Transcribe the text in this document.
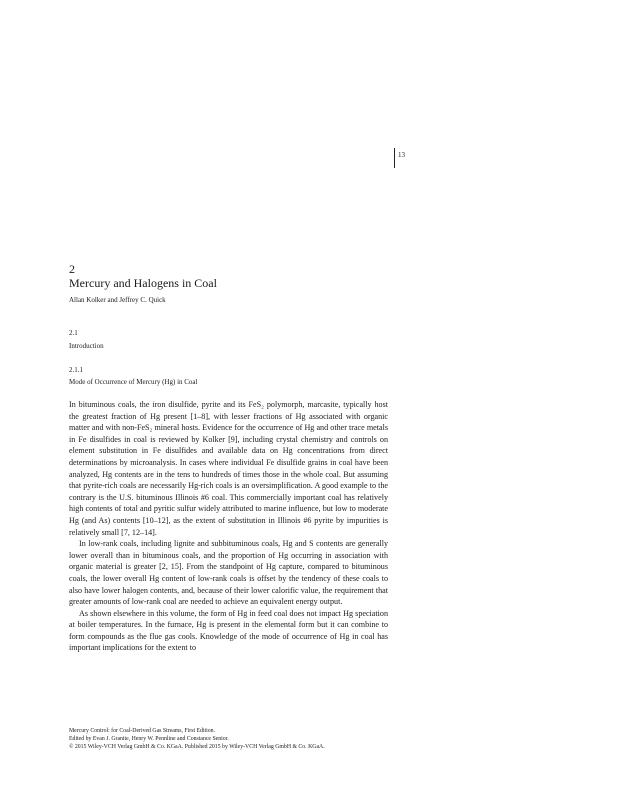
13
2
Mercury and Halogens in Coal
Allan Kolker and Jeffrey C. Quick
2.1
Introduction
2.1.1
Mode of Occurrence of Mercury (Hg) in Coal

In bituminous coals, the iron disulfide, pyrite and its FeS₂ polymorph, marcasite, typically host the greatest fraction of Hg present [1–8], with lesser fractions of Hg associated with organic matter and with non-FeS₂ mineral hosts. Evidence for the occurrence of Hg and other trace metals in Fe disulfides in coal is reviewed by Kolker [9], including crystal chemistry and controls on element substitution in Fe disulfides and available data on Hg concentrations from direct determinations by microanalysis. In cases where individual Fe disulfide grains in coal have been analyzed, Hg contents are in the tens to hundreds of times those in the whole coal. But assuming that pyrite-rich coals are necessarily Hg-rich coals is an oversimplification. A good example to the contrary is the U.S. bituminous Illinois #6 coal. This commercially important coal has relatively high contents of total and pyritic sulfur widely attributed to marine influence, but low to moderate Hg (and As) contents [10–12], as the extent of substitution in Illinois #6 pyrite by impurities is relatively small [7, 12–14].

In low-rank coals, including lignite and subbituminous coals, Hg and S contents are generally lower overall than in bituminous coals, and the proportion of Hg occurring in association with organic material is greater [2, 15]. From the standpoint of Hg capture, compared to bituminous coals, the lower overall Hg content of low-rank coals is offset by the tendency of these coals to also have lower halogen contents, and, because of their lower calorific value, the requirement that greater amounts of low-rank coal are needed to achieve an equivalent energy output.

As shown elsewhere in this volume, the form of Hg in feed coal does not impact Hg speciation at boiler temperatures. In the furnace, Hg is present in the elemental form but it can combine to form compounds as the flue gas cools. Knowledge of the mode of occurrence of Hg in coal has important implications for the extent to

Mercury Control: for Coal-Derived Gas Streams, First Edition.
Edited by Evan J. Granite, Henry W. Pennline and Constance Senior.
© 2015 Wiley-VCH Verlag GmbH & Co. KGaA. Published 2015 by Wiley-VCH Verlag GmbH & Co. KGaA.
